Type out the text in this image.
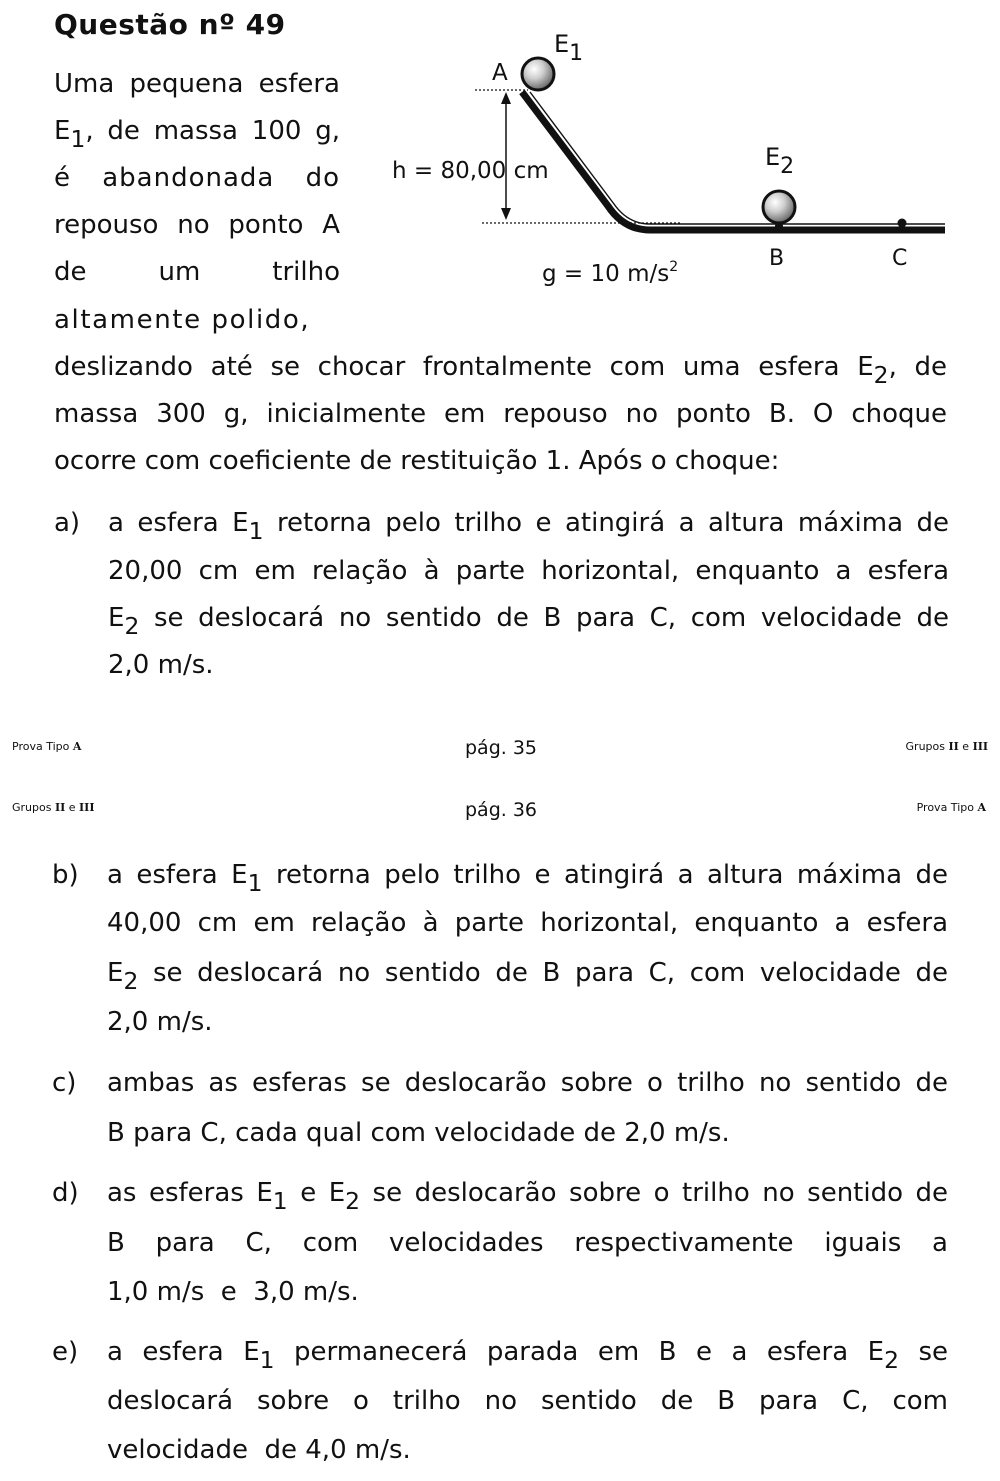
Questão nº 49
Uma pequena esfera
$E_1$, de massa 100 g,
é abandonada do
repouso no ponto A
de um trilho
altamente polido,
E1
A
E2
B	C
h = 80,00 cm
g = 10 $m/s^2$
deslizando até se chocar frontalmente com uma esfera $E_2$, de
massa 300 g, inicialmente em repouso no ponto B. O choque
ocorre com coeficiente de restituição 1. Após o choque:
a) a esfera $E_1$ retorna pelo trilho e atingirá a altura máxima de
20,00 cm em relação à parte horizontal, enquanto a esfera
$E_2$ se deslocará no sentido de B para C, com velocidade de
2,0 m/s.
Prova Tipo A	pág. 35	Grupos II e III
Grupos II e III	pág. 36	Prova Tipo A
b) a esfera $E_1$ retorna pelo trilho e atingirá a altura máxima de
40,00 cm em relação à parte horizontal, enquanto a esfera
$E_2$ se deslocará no sentido de B para C, com velocidade de
2,0 m/s.
c) ambas as esferas se deslocarão sobre o trilho no sentido de
B para C, cada qual com velocidade de 2,0 m/s.
d) as esferas $E_1$ e $E_2$ se deslocarão sobre o trilho no sentido de
B para C, com velocidades respectivamente iguais a
1,0 m/s  e  3,0 m/s.
e) a esfera $E_1$ permanecerá parada em B e a esfera $E_2$ se
deslocará sobre o trilho no sentido de B para C, com
velocidade  de 4,0 m/s.
